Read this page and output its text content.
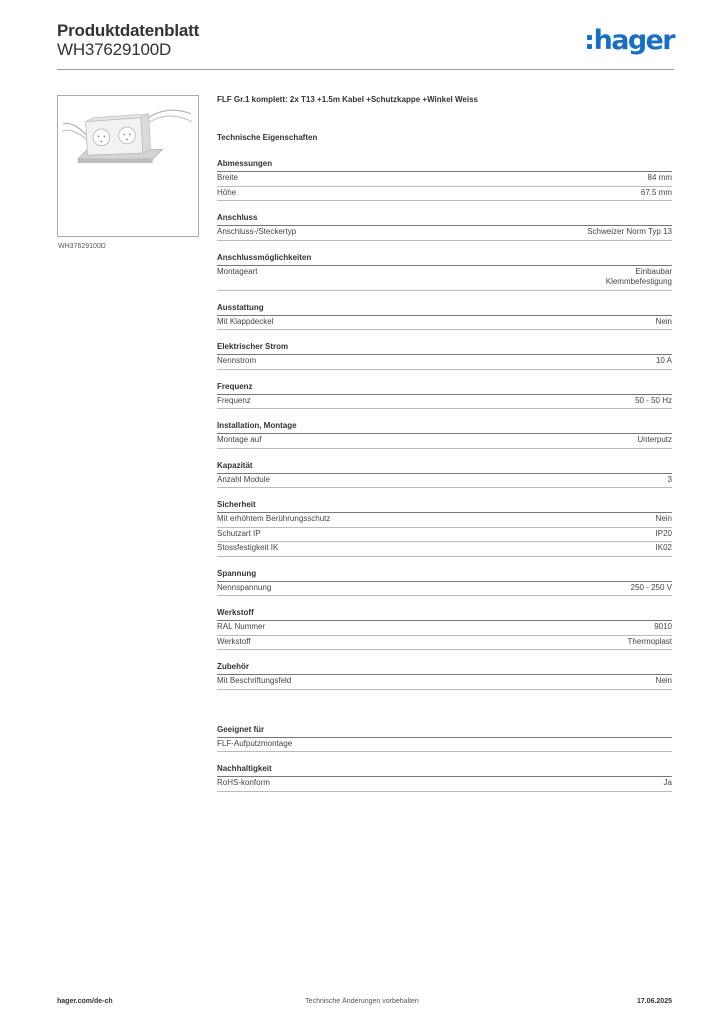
Produktdatenblatt
WH37629100D	hager
WH37629100D
FLF Gr.1 komplett: 2x T13 +1.5m Kabel +Schutzkappe +Winkel Weiss
Technische Eigenschaften
Abmessungen
Breite	84 mm
Höhe	67.5 mm
Anschluss
Anschluss-/Steckertyp	Schweizer Norm Typ 13
Anschlussmöglichkeiten
Montageart	Einbaubar
Klemmbefestigung
Ausstattung
Mit Klappdeckel	Nein
Elektrischer Strom
Nennstrom	10 A
Frequenz
Frequenz	50 - 50 Hz
Installation, Montage
Montage auf	Unterputz
Kapazität
Anzahl Module	3
Sicherheit
Mit erhöhtem Berührungsschutz	Nein
Schutzart IP	IP20
Stossfestigkeit IK	IK02
Spannung
Nennspannung	250 - 250 V
Werkstoff
RAL Nummer	9010
Werkstoff	Thermoplast
Zubehör
Mit Beschriftungsfeld	Nein
Geeignet für
FLF-Aufputzmontage
Nachhaltigkeit
RoHS-konform	Ja
Technische Änderungen vorbehalten
hager.com/de-ch	17.06.2025
